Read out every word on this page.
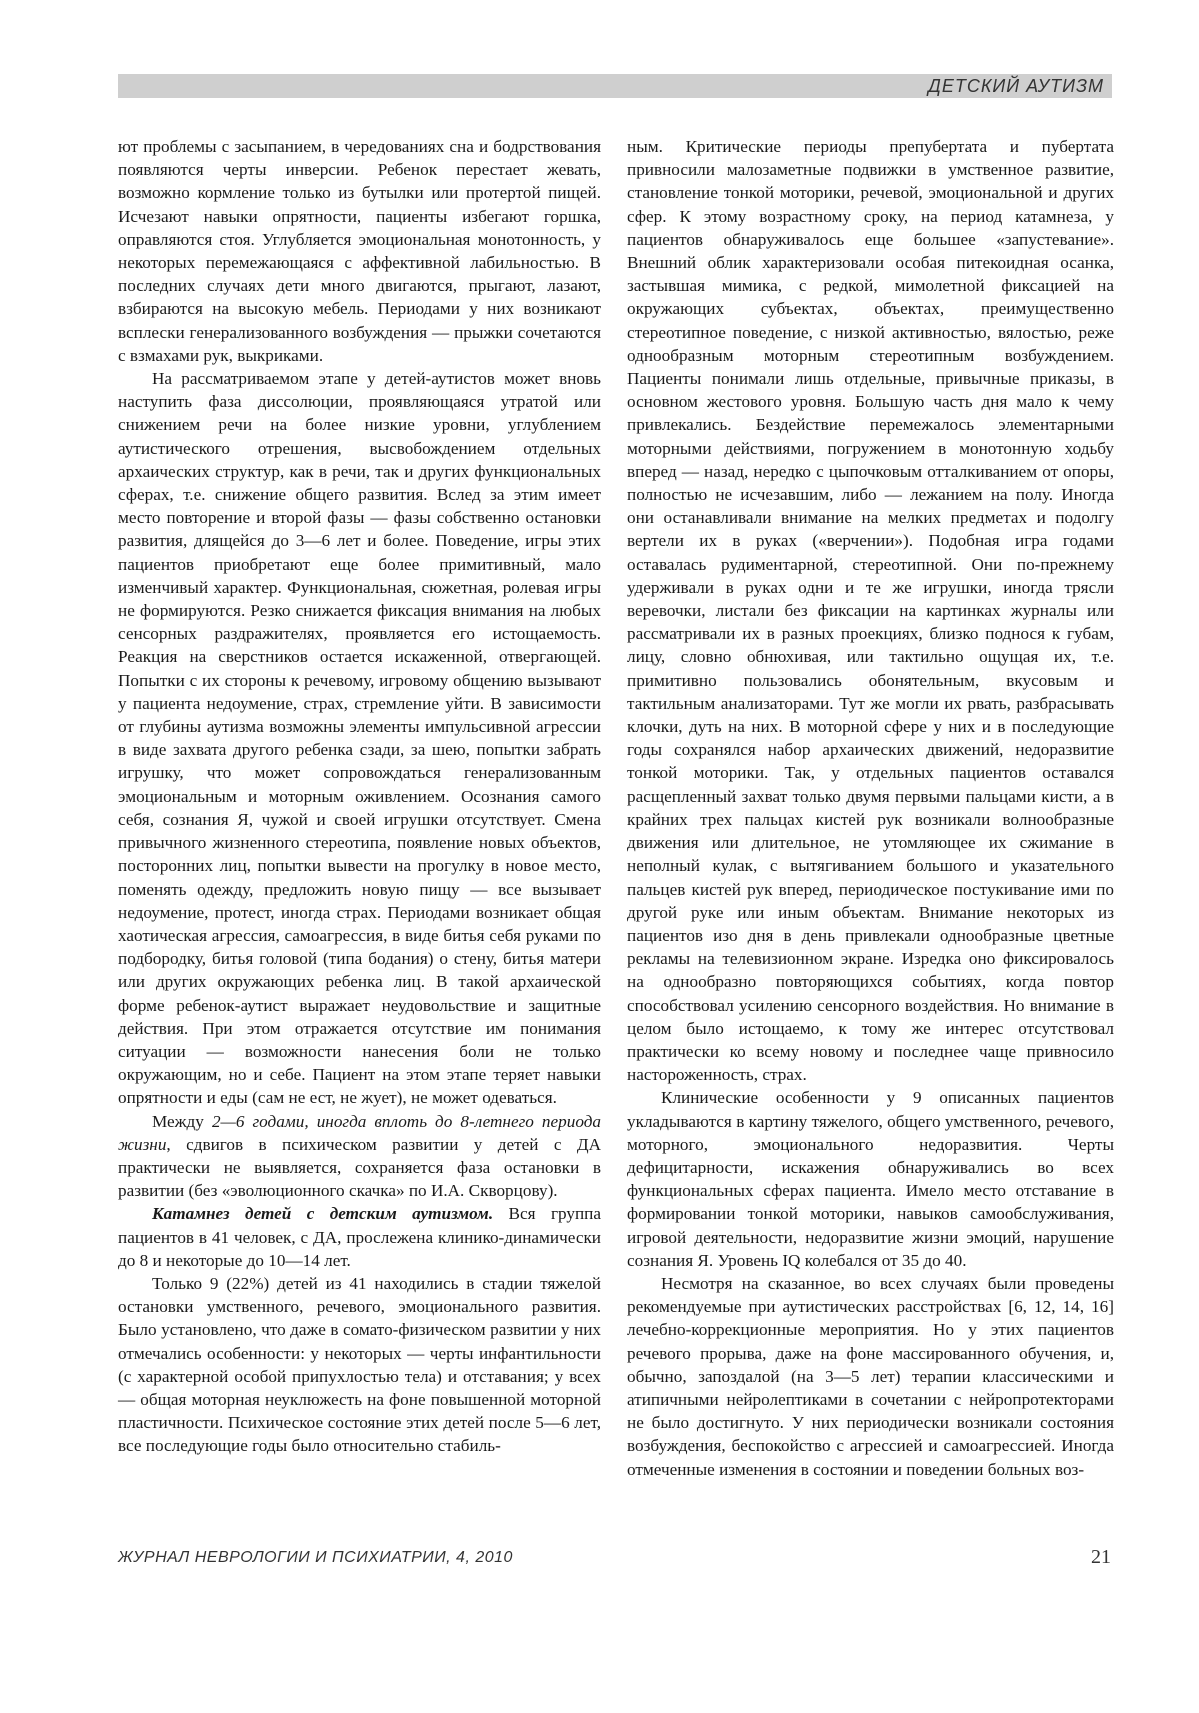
ДЕТСКИЙ АУТИЗМ

ют проблемы с засыпанием, в чередованиях сна и бодрствования появляются черты инверсии. Ребенок перестает жевать, возможно кормление только из бутылки или протертой пищей. Исчезают навыки опрятности, пациенты избегают горшка, оправляются стоя. Углубляется эмоциональная монотонность, у некоторых перемежающаяся с аффективной лабильностью. В последних случаях дети много двигаются, прыгают, лазают, взбираются на высокую мебель. Периодами у них возникают всплески генерализованного возбуждения — прыжки сочетаются с взмахами рук, выкриками.

На рассматриваемом этапе у детей-аутистов может вновь наступить фаза диссолюции, проявляющаяся утратой или снижением речи на более низкие уровни, углублением аутистического отрешения, высвобождением отдельных архаических структур, как в речи, так и других функциональных сферах, т.е. снижение общего развития. Вслед за этим имеет место повторение и второй фазы — фазы собственно остановки развития, длящейся до 3—6 лет и более. Поведение, игры этих пациентов приобретают еще более примитивный, мало изменчивый характер. Функциональная, сюжетная, ролевая игры не формируются. Резко снижается фиксация внимания на любых сенсорных раздражителях, проявляется его истощаемость. Реакция на сверстников остается искаженной, отвергающей. Попытки с их стороны к речевому, игровому общению вызывают у пациента недоумение, страх, стремление уйти. В зависимости от глубины аутизма возможны элементы импульсивной агрессии в виде захвата другого ребенка сзади, за шею, попытки забрать игрушку, что может сопровождаться генерализованным эмоциональным и моторным оживлением. Осознания самого себя, сознания Я, чужой и своей игрушки отсутствует. Смена привычного жизненного стереотипа, появление новых объектов, посторонних лиц, попытки вывести на прогулку в новое место, поменять одежду, предложить новую пищу — все вызывает недоумение, протест, иногда страх. Периодами возникает общая хаотическая агрессия, самоагрессия, в виде битья себя руками по подбородку, битья головой (типа бодания) о стену, битья матери или других окружающих ребенка лиц. В такой архаической форме ребенок-аутист выражает неудовольствие и защитные действия. При этом отражается отсутствие им понимания ситуации — возможности нанесения боли не только окружающим, но и себе. Пациент на этом этапе теряет навыки опрятности и еды (сам не ест, не жует), не может одеваться.

Между 2—6 годами, иногда вплоть до 8-летнего периода жизни, сдвигов в психическом развитии у детей с ДА практически не выявляется, сохраняется фаза остановки в развитии (без «эволюционного скачка» по И.А. Скворцову).

Катамнез детей с детским аутизмом. Вся группа пациентов в 41 человек, с ДА, прослежена клинико-динамически до 8 и некоторые до 10—14 лет.

Только 9 (22%) детей из 41 находились в стадии тяжелой остановки умственного, речевого, эмоционального развития. Было установлено, что даже в сомато-физическом развитии у них отмечались особенности: у некоторых — черты инфантильности (с характерной особой припухлостью тела) и отставания; у всех — общая моторная неуклюжесть на фоне повышенной моторной пластичности. Психическое состояние этих детей после 5—6 лет, все последующие годы было относительно стабиль-

ным. Критические периоды препубертата и пубертата привносили малозаметные подвижки в умственное развитие, становление тонкой моторики, речевой, эмоциональной и других сфер. К этому возрастному сроку, на период катамнеза, у пациентов обнаруживалось еще большее «запустевание». Внешний облик характеризовали особая питекоидная осанка, застывшая мимика, с редкой, мимолетной фиксацией на окружающих субъектах, объектах, преимущественно стереотипное поведение, с низкой активностью, вялостью, реже однообразным моторным стереотипным возбуждением. Пациенты понимали лишь отдельные, привычные приказы, в основном жестового уровня. Большую часть дня мало к чему привлекались. Бездействие перемежалось элементарными моторными действиями, погружением в монотонную ходьбу вперед — назад, нередко с цыпочковым отталкиванием от опоры, полностью не исчезавшим, либо — лежанием на полу. Иногда они останавливали внимание на мелких предметах и подолгу вертели их в руках («верчении»). Подобная игра годами оставалась рудиментарной, стереотипной. Они по-прежнему удерживали в руках одни и те же игрушки, иногда трясли веревочки, листали без фиксации на картинках журналы или рассматривали их в разных проекциях, близко поднося к губам, лицу, словно обнюхивая, или тактильно ощущая их, т.е. примитивно пользовались обонятельным, вкусовым и тактильным анализаторами. Тут же могли их рвать, разбрасывать клочки, дуть на них. В моторной сфере у них и в последующие годы сохранялся набор архаических движений, недоразвитие тонкой моторики. Так, у отдельных пациентов оставался расщепленный захват только двумя первыми пальцами кисти, а в крайних трех пальцах кистей рук возникали волнообразные движения или длительное, не утомляющее их сжимание в неполный кулак, с вытягиванием большого и указательного пальцев кистей рук вперед, периодическое постукивание ими по другой руке или иным объектам. Внимание некоторых из пациентов изо дня в день привлекали однообразные цветные рекламы на телевизионном экране. Изредка оно фиксировалось на однообразно повторяющихся событиях, когда повтор способствовал усилению сенсорного воздействия. Но внимание в целом было истощаемо, к тому же интерес отсутствовал практически ко всему новому и последнее чаще привносило настороженность, страх.

Клинические особенности у 9 описанных пациентов укладываются в картину тяжелого, общего умственного, речевого, моторного, эмоционального недоразвития. Черты дефицитарности, искажения обнаруживались во всех функциональных сферах пациента. Имело место отставание в формировании тонкой моторики, навыков самообслуживания, игровой деятельности, недоразвитие жизни эмоций, нарушение сознания Я. Уровень IQ колебался от 35 до 40.

Несмотря на сказанное, во всех случаях были проведены рекомендуемые при аутистических расстройствах [6, 12, 14, 16] лечебно-коррекционные мероприятия. Но у этих пациентов речевого прорыва, даже на фоне массированного обучения, и, обычно, запоздалой (на 3—5 лет) терапии классическими и атипичными нейролептиками в сочетании с нейропротекторами не было достигнуто. У них периодически возникали состояния возбуждения, беспокойство с агрессией и самоагрессией. Иногда отмеченные изменения в состоянии и поведении больных воз-

ЖУРНАЛ НЕВРОЛОГИИ И ПСИХИАТРИИ, 4, 2010	21
